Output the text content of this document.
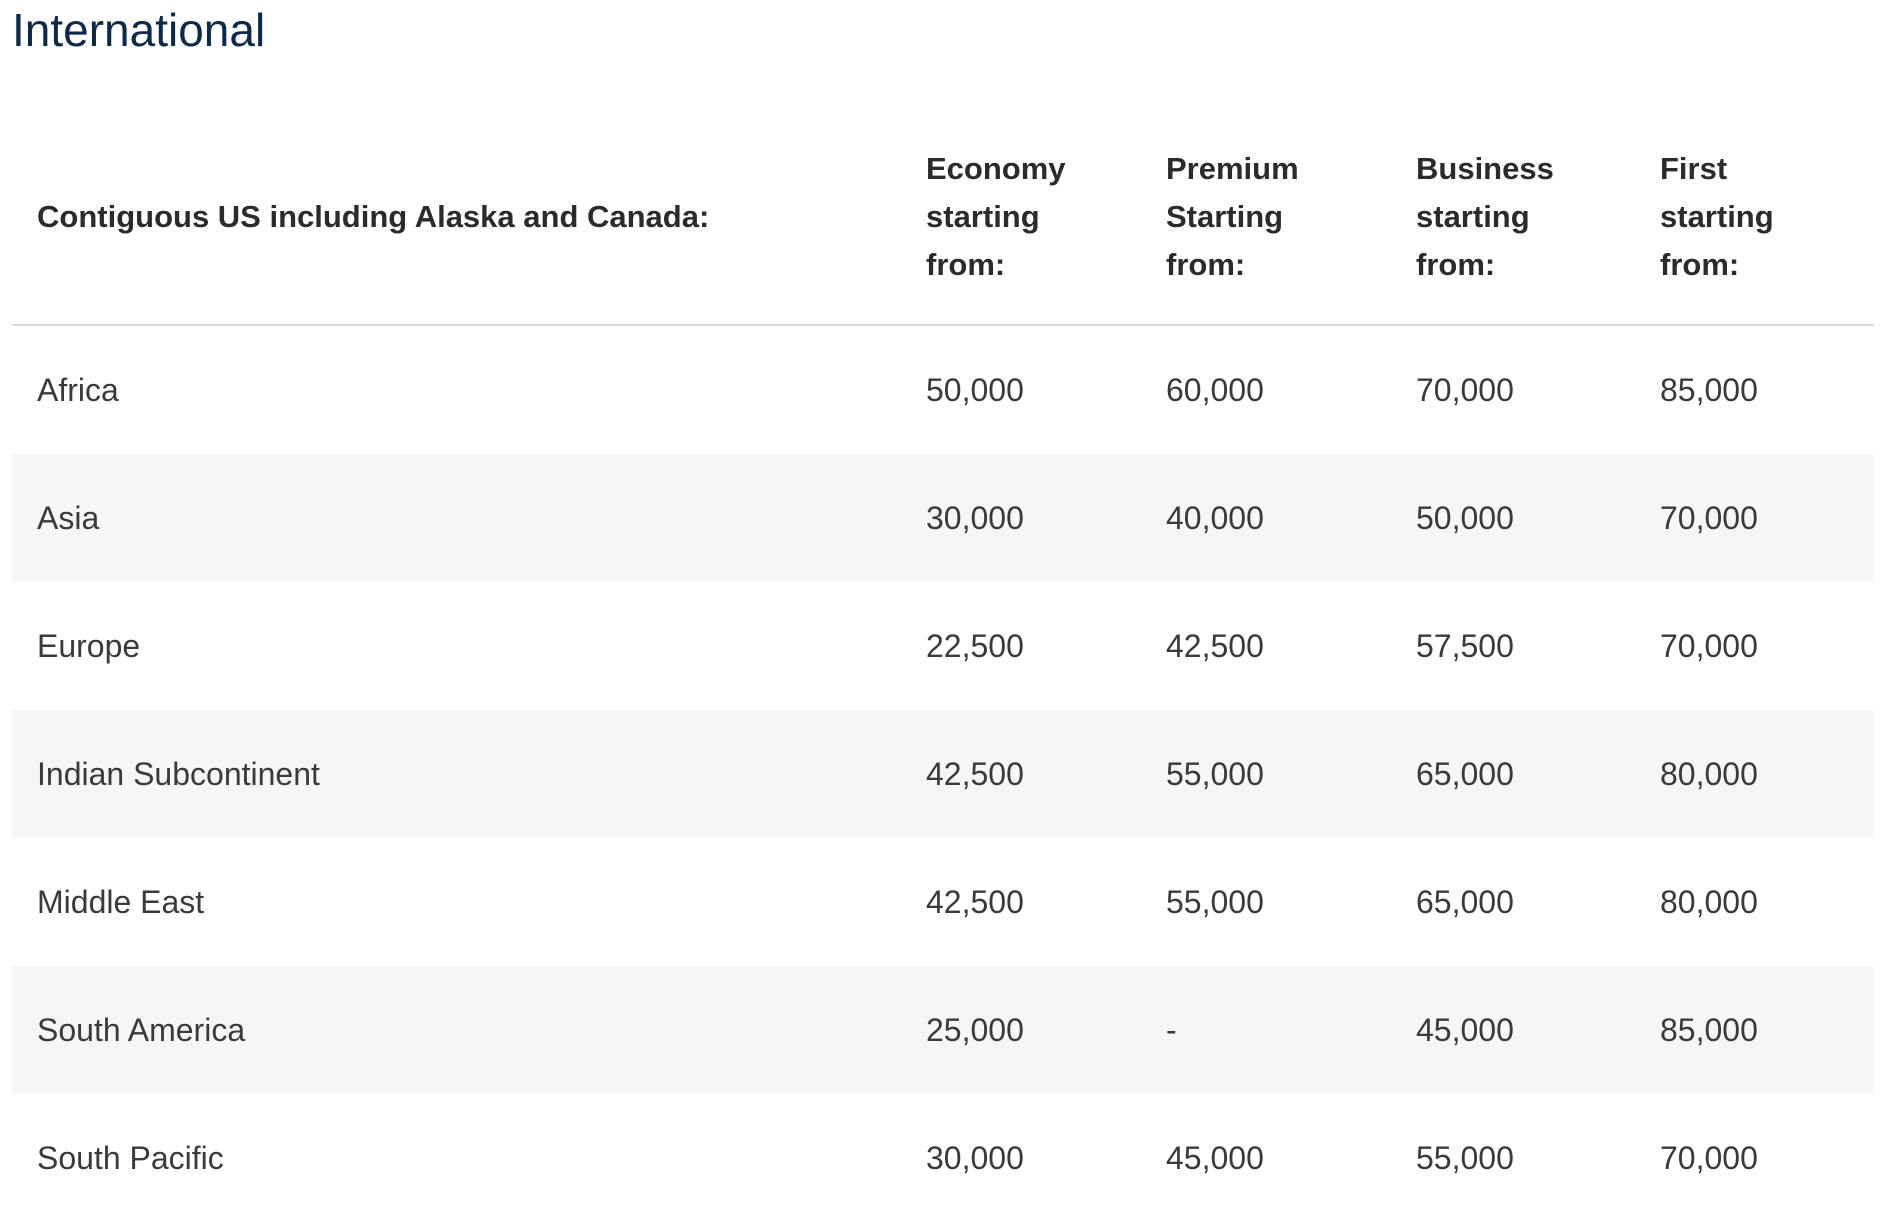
International
Contiguous US including Alaska and Canada:	Economy starting from:	Premium Starting from:	Business starting from:	First starting from:

Africa	50,000	60,000	70,000	85,000
Asia	30,000	40,000	50,000	70,000
Europe	22,500	42,500	57,500	70,000
Indian Subcontinent	42,500	55,000	65,000	80,000
Middle East	42,500	55,000	65,000	80,000
South America	25,000	-	45,000	85,000
South Pacific	30,000	45,000	55,000	70,000
